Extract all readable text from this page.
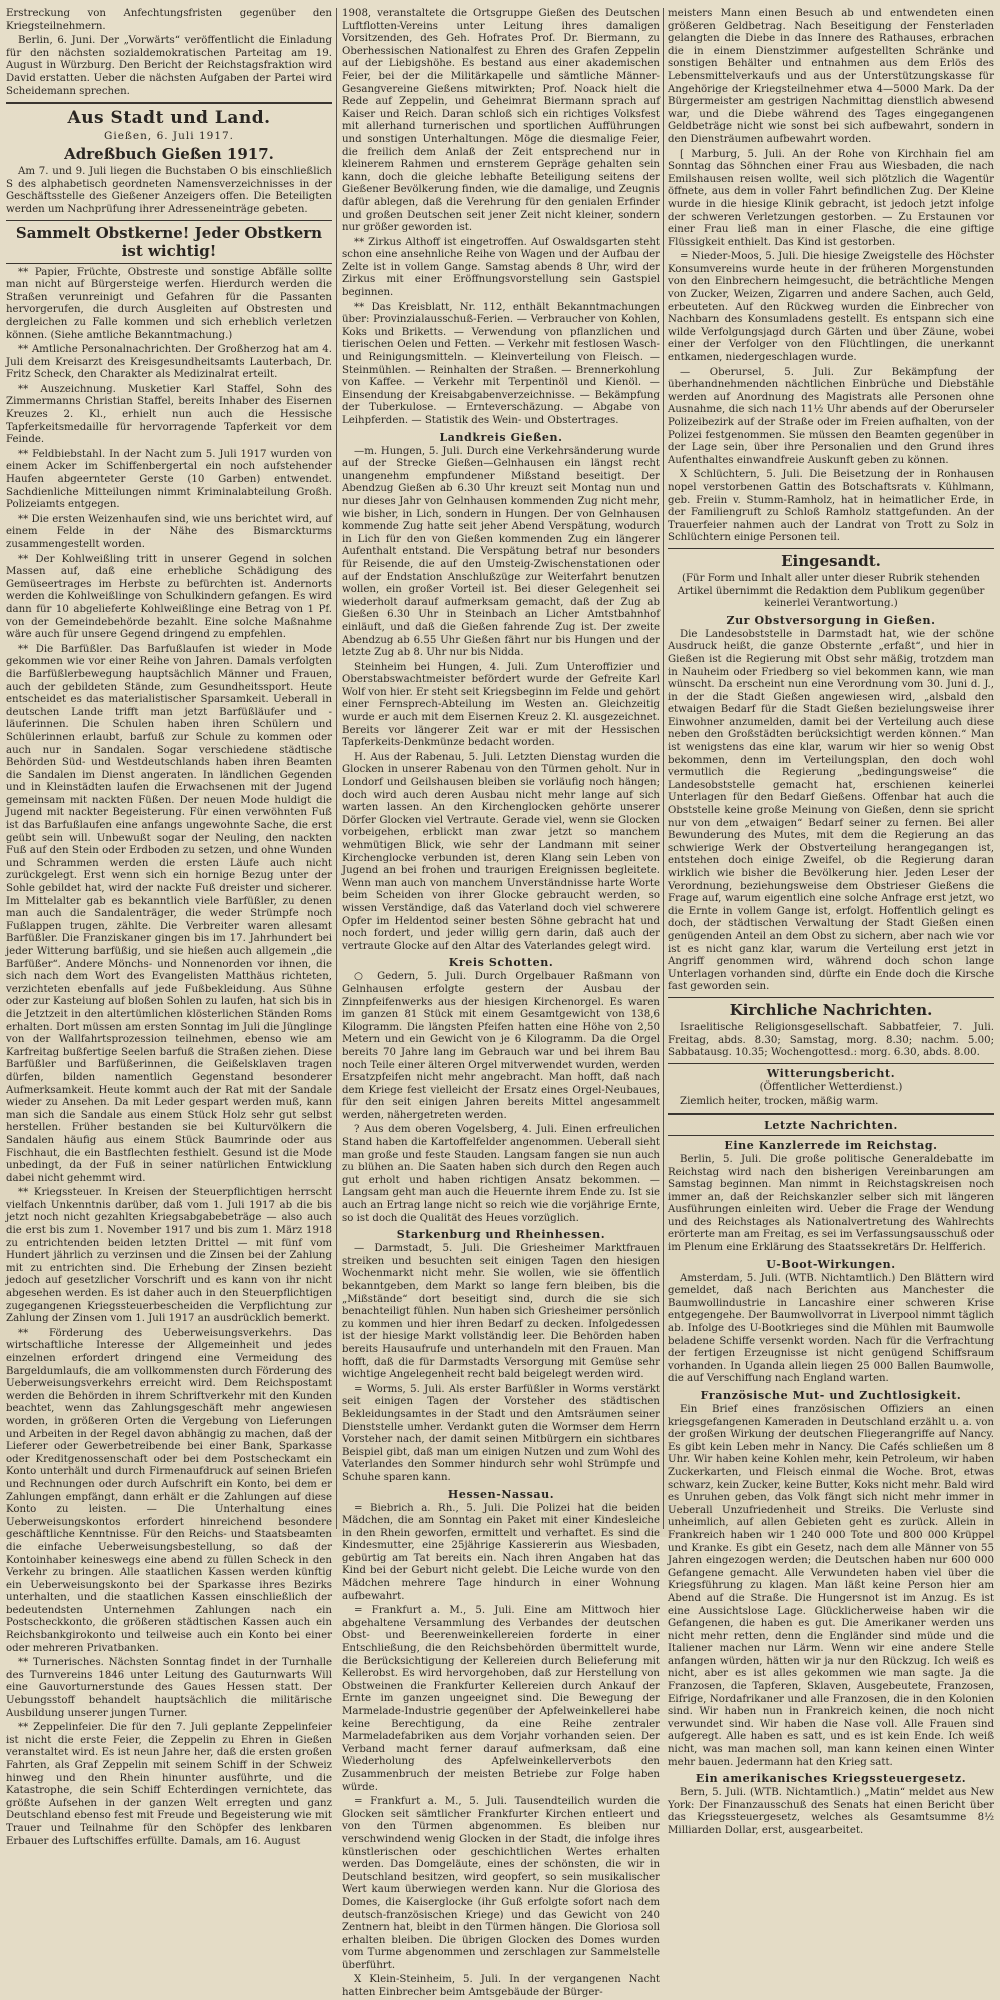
Erstreckung von Anfechtungsfristen gegenüber den Kriegsteilnehmern.

Berlin, 6. Juni. Der „Vorwärts“ veröffentlicht die Einladung für den nächsten sozialdemokratischen Parteitag am 19. August in Würzburg. Den Bericht der Reichstagsfraktion wird David erstatten. Ueber die nächsten Aufgaben der Partei wird Scheidemann sprechen.

Aus Stadt und Land.
Gießen, 6. Juli 1917.
Adreßbuch Gießen 1917.

Am 7. und 9. Juli liegen die Buchstaben O bis einschließlich S des alphabetisch geordneten Namensverzeichnisses in der Geschäftsstelle des Gießener Anzeigers offen. Die Beteiligten werden um Nachprüfung ihrer Adresseneinträge gebeten.

Sammelt Obstkerne! Jeder Obstkern ist wichtig!

** Papier, Früchte, Obstreste und sonstige Abfälle sollte man nicht auf Bürgersteige werfen. Hierdurch werden die Straßen verunreinigt und Gefahren für die Passanten hervorgerufen, die durch Ausgleiten auf Obstresten und dergleichen zu Falle kommen und sich erheblich verletzen können. (Siehe amtliche Bekanntmachung.)

** Amtliche Personalnachrichten. Der Großherzog hat am 4. Juli dem Kreisarzt des Kreisgesundheitsamts Lauterbach, Dr. Fritz Scheck, den Charakter als Medizinalrat erteilt.

** Auszeichnung. Musketier Karl Staffel, Sohn des Zimmermanns Christian Staffel, bereits Inhaber des Eisernen Kreuzes 2. Kl., erhielt nun auch die Hessische Tapferkeitsmedaille für hervorragende Tapferkeit vor dem Feinde.

** Feldbiebstahl. In der Nacht zum 5. Juli 1917 wurden von einem Acker im Schiffenbergertal ein noch aufstehender Haufen abgeernteter Gerste (10 Garben) entwendet. Sachdienliche Mitteilungen nimmt Kriminalabteilung Großh. Polizeiamts entgegen.

** Die ersten Weizenhaufen sind, wie uns berichtet wird, auf einem Felde in der Nähe des Bismarckturms zusammengestellt worden.

** Der Kohlweißling tritt in unserer Gegend in solchen Massen auf, daß eine erhebliche Schädigung des Gemüseertrages im Herbste zu befürchten ist. Andernorts werden die Kohlweißlinge von Schulkindern gefangen. Es wird dann für 10 abgelieferte Kohlweißlinge eine Betrag von 1 Pf. von der Gemeindebehörde bezahlt. Eine solche Maßnahme wäre auch für unsere Gegend dringend zu empfehlen.

** Die Barfüßler. Das Barfußlaufen ist wieder in Mode gekommen wie vor einer Reihe von Jahren. Damals verfolgten die Barfüßlerbewegung hauptsächlich Männer und Frauen, auch der gebildeten Stände, zum Gesundheitssport. Heute entscheidet es das materialistischer Sparsamkeit. Ueberall in deutschen Lande trifft man jetzt Barfüßläufer und -läuferinnen. Die Schulen haben ihren Schülern und Schülerinnen erlaubt, barfuß zur Schule zu kommen oder auch nur in Sandalen. Sogar verschiedene städtische Behörden Süd- und Westdeutschlands haben ihren Beamten die Sandalen im Dienst angeraten. In ländlichen Gegenden und in Kleinstädten laufen die Erwachsenen mit der Jugend gemeinsam mit nackten Füßen. Der neuen Mode huldigt die Jugend mit nackter Begeisterung. Für einen verwöhnten Fuß ist das Barfußlaufen eine anfangs ungewohnte Sache, die erst geübt sein will. Unbewußt sogar der Neuling, den nackten Fuß auf den Stein oder Erdboden zu setzen, und ohne Wunden und Schrammen werden die ersten Läufe auch nicht zurückgelegt. Erst wenn sich ein hornige Bezug unter der Sohle gebildet hat, wird der nackte Fuß dreister und sicherer. Im Mittelalter gab es bekanntlich viele Barfüßler, zu denen man auch die Sandalenträger, die weder Strümpfe noch Fußlappen trugen, zählte. Die Verbreiter waren allesamt Barfüßler. Die Franziskaner gingen bis im 17. Jahrhundert bei jeder Witterung barfüßig, und sie hießen auch allgemein „die Barfüßer“. Andere Mönchs- und Nonnenorden vor ihnen, die sich nach dem Wort des Evangelisten Matthäus richteten, verzichteten ebenfalls auf jede Fußbekleidung. Aus Sühne oder zur Kasteiung auf bloßen Sohlen zu laufen, hat sich bis in die Jetztzeit in den altertümlichen klösterlichen Ständen Roms erhalten. Dort müssen am ersten Sonntag im Juli die Jünglinge von der Wallfahrtsprozession teilnehmen, ebenso wie am Karfreitag bußfertige Seelen barfuß die Straßen ziehen. Diese Barfüßler und Barfüßerinnen, die Geißelsklaven tragen dürfen, bilden namentlich Gegenstand besonderer Aufmerksamkeit. Heute kommt auch der Rat mit der Sandale wieder zu Ansehen. Da mit Leder gespart werden muß, kann man sich die Sandale aus einem Stück Holz sehr gut selbst herstellen. Früher bestanden sie bei Kulturvölkern die Sandalen häufig aus einem Stück Baumrinde oder aus Fischhaut, die ein Bastflechten festhielt. Gesund ist die Mode unbedingt, da der Fuß in seiner natürlichen Entwicklung dabei nicht gehemmt wird.

** Kriegssteuer. In Kreisen der Steuerpflichtigen herrscht vielfach Unkenntnis darüber, daß vom 1. Juli 1917 ab die bis jetzt noch nicht gezahlten Kriegsabgabebeträge — also auch die erst bis zum 1. November 1917 und bis zum 1. März 1918 zu entrichtenden beiden letzten Drittel — mit fünf vom Hundert jährlich zu verzinsen und die Zinsen bei der Zahlung mit zu entrichten sind. Die Erhebung der Zinsen bezieht jedoch auf gesetzlicher Vorschrift und es kann von ihr nicht abgesehen werden. Es ist daher auch in den Steuerpflichtigen zugegangenen Kriegssteuerbescheiden die Verpflichtung zur Zahlung der Zinsen vom 1. Juli 1917 an ausdrücklich bemerkt.

** Förderung des Ueberweisungsverkehrs. Das wirtschaftliche Interesse der Allgemeinheit und jedes einzelnen erfordert dringend eine Vermeidung des Bargeldumlaufs, die am vollkommensten durch Förderung des Ueberweisungsverkehrs erreicht wird. Dem Reichspostamt werden die Behörden in ihrem Schriftverkehr mit den Kunden beachtet, wenn das Zahlungsgeschäft mehr angewiesen worden, in größeren Orten die Vergebung von Lieferungen und Arbeiten in der Regel davon abhängig zu machen, daß der Lieferer oder Gewerbetreibende bei einer Bank, Sparkasse oder Kreditgenossenschaft oder bei dem Postscheckamt ein Konto unterhält und durch Firmenaufdruck auf seinen Briefen und Rechnungen oder durch Aufschrift ein Konto, bei dem er Zahlungen empfängt, dann erhält er die Zahlungen auf diese Konto zu leisten. — Die Unterhaltung eines Ueberweisungskontos erfordert hinreichend besondere geschäftliche Kenntnisse. Für den Reichs- und Staatsbeamten die einfache Ueberweisungsbestellung, so daß der Kontoinhaber keineswegs eine abend zu füllen Scheck in den Verkehr zu bringen. Alle staatlichen Kassen werden künftig ein Ueberweisungskonto bei der Sparkasse ihres Bezirks unterhalten, und die staatlichen Kassen einschließlich der bedeutendsten Unternehmen Zahlungen nach ein Postscheckkonto, die größeren städtischen Kassen auch ein Reichsbankgirokonto und teilweise auch ein Konto bei einer oder mehreren Privatbanken.

** Turnerisches. Nächsten Sonntag findet in der Turnhalle des Turnvereins 1846 unter Leitung des Gauturnwarts Will eine Gauvorturnerstunde des Gaues Hessen statt. Der Uebungsstoff behandelt hauptsächlich die militärische Ausbildung unserer jungen Turner.

** Zeppelinfeier. Die für den 7. Juli geplante Zeppelinfeier ist nicht die erste Feier, die Zeppelin zu Ehren in Gießen veranstaltet wird. Es ist neun Jahre her, daß die ersten großen Fahrten, als Graf Zeppelin mit seinem Schiff in der Schweiz hinweg und den Rhein hinunter ausführte, und die Katastrophe, die sein Schiff Echterdingen vernichtete, das größte Aufsehen in der ganzen Welt erregten und ganz Deutschland ebenso fest mit Freude und Begeisterung wie mit Trauer und Teilnahme für den Schöpfer des lenkbaren Erbauer des Luftschiffes erfüllte. Damals, am 16. August

1908, veranstaltete die Ortsgruppe Gießen des Deutschen Luftflotten-Vereins unter Leitung ihres damaligen Vorsitzenden, des Geh. Hofrates Prof. Dr. Biermann, zu Oberhessischen Nationalfest zu Ehren des Grafen Zeppelin auf der Liebigshöhe. Es bestand aus einer akademischen Feier, bei der die Militärkapelle und sämtliche Männer-Gesangvereine Gießens mitwirkten; Prof. Noack hielt die Rede auf Zeppelin, und Geheimrat Biermann sprach auf Kaiser und Reich. Daran schloß sich ein richtiges Volksfest mit allerhand turnerischen und sportlichen Aufführungen und sonstigen Unterhaltungen. Möge die diesmalige Feier, die freilich dem Anlaß der Zeit entsprechend nur in kleinerem Rahmen und ernsterem Gepräge gehalten sein kann, doch die gleiche lebhafte Beteiligung seitens der Gießener Bevölkerung finden, wie die damalige, und Zeugnis dafür ablegen, daß die Verehrung für den genialen Erfinder und großen Deutschen seit jener Zeit nicht kleiner, sondern nur größer geworden ist.

** Zirkus Althoff ist eingetroffen. Auf Oswaldsgarten steht schon eine ansehnliche Reihe von Wagen und der Aufbau der Zelte ist in vollem Gange. Samstag abends 8 Uhr, wird der Zirkus mit einer Eröffnungsvorstellung sein Gastspiel beginnen.

** Das Kreisblatt, Nr. 112, enthält Bekanntmachungen über: Provinzialausschuß-Ferien. — Verbraucher von Kohlen, Koks und Briketts. — Verwendung von pflanzlichen und tierischen Oelen und Fetten. — Verkehr mit festlosen Wasch- und Reinigungsmitteln. — Kleinverteilung von Fleisch. — Steinmühlen. — Reinhalten der Straßen. — Brennerkohlung von Kaffee. — Verkehr mit Terpentinöl und Kienöl. — Einsendung der Kreisabgabenverzeichnisse. — Bekämpfung der Tuberkulose. — Ernteverschäzung. — Abgabe von Leihpferden. — Statistik des Wein- und Obstertrages.

Landkreis Gießen.

—m. Hungen, 5. Juli. Durch eine Verkehrsänderung wurde auf der Strecke Gießen—Gelnhausen ein längst recht unangenehm empfundener Mißstand beseitigt. Der Abendzug Gießen ab 6.30 Uhr kreuzt seit Montag nun und nur dieses Jahr von Gelnhausen kommenden Zug nicht mehr, wie bisher, in Lich, sondern in Hungen. Der von Gelnhausen kommende Zug hatte seit jeher Abend Verspätung, wodurch in Lich für den von Gießen kommenden Zug ein längerer Aufenthalt entstand. Die Verspätung betraf nur besonders für Reisende, die auf den Umsteig-Zwischenstationen oder auf der Endstation Anschlußzüge zur Weiterfahrt benutzen wollen, ein großer Vorteil ist. Bei dieser Gelegenheit sei wiederholt darauf aufmerksam gemacht, daß der Zug ab Gießen 6.30 Uhr in Steinbach an Licher Amtstbahnhof einläuft, und daß die Gießen fahrende Zug ist. Der zweite Abendzug ab 6.55 Uhr Gießen fährt nur bis Hungen und der letzte Zug ab 8. Uhr nur bis Nidda.

Steinheim bei Hungen, 4. Juli. Zum Unteroffizier und Oberstabswachtmeister befördert wurde der Gefreite Karl Wolf von hier. Er steht seit Kriegsbeginn im Felde und gehört einer Fernsprech-Abteilung im Westen an. Gleichzeitig wurde er auch mit dem Eisernen Kreuz 2. Kl. ausgezeichnet. Bereits vor längerer Zeit war er mit der Hessischen Tapferkeits-Denkmünze bedacht worden.

H. Aus der Rabenau, 5. Juli. Letzten Dienstag wurden die Glocken in unserer Rabenau von den Türmen geholt. Nur in Londorf und Geilshausen bleiben sie vorläufig noch hängen; doch wird auch deren Ausbau nicht mehr lange auf sich warten lassen. An den Kirchenglocken gehörte unserer Dörfer Glocken viel Vertraute. Gerade viel, wenn sie Glocken vorbeigehen, erblickt man zwar jetzt so manchem wehmütigen Blick, wie sehr der Landmann mit seiner Kirchenglocke verbunden ist, deren Klang sein Leben von Jugend an bei frohen und traurigen Ereignissen begleitete. Wenn man auch von manchem Unverständnisse harte Worte beim Scheiden von ihrer Glocke gebraucht werden, so wissen Verständige, daß das Vaterland doch viel schwerere Opfer im Heldentod seiner besten Söhne gebracht hat und noch fordert, und jeder willig gern darin, daß auch der vertraute Glocke auf den Altar des Vaterlandes gelegt wird.

Kreis Schotten.

○ Gedern, 5. Juli. Durch Orgelbauer Raßmann von Gelnhausen erfolgte gestern der Ausbau der Zinnpfeifenwerks aus der hiesigen Kirchenorgel. Es waren im ganzen 81 Stück mit einem Gesamtgewicht von 138,6 Kilogramm. Die längsten Pfeifen hatten eine Höhe von 2,50 Metern und ein Gewicht von je 6 Kilogramm. Da die Orgel bereits 70 Jahre lang im Gebrauch war und bei ihrem Bau noch Teile einer älteren Orgel mitverwendet wurden, werden Ersatzpfeifen nicht mehr angebracht. Man hofft, daß nach dem Kriege fest vielleicht der Ersatz eines Orgel-Neubaues, für den seit einigen Jahren bereits Mittel angesammelt werden, nähergetreten werden.

? Aus dem oberen Vogelsberg, 4. Juli. Einen erfreulichen Stand haben die Kartoffelfelder angenommen. Ueberall sieht man große und feste Stauden. Langsam fangen sie nun auch zu blühen an. Die Saaten haben sich durch den Regen auch gut erholt und haben richtigen Ansatz bekommen. — Langsam geht man auch die Heuernte ihrem Ende zu. Ist sie auch an Ertrag lange nicht so reich wie die vorjährige Ernte, so ist doch die Qualität des Heues vorzüglich.

Starkenburg und Rheinhessen.

— Darmstadt, 5. Juli. Die Griesheimer Marktfrauen streiken und besuchten seit einigen Tagen den hiesigen Wochenmarkt nicht mehr. Sie wollen, wie sie öffentlich bekanntgeben, dem Markt so lange fern bleiben, bis die „Mißstände“ dort beseitigt sind, durch die sie sich benachteiligt fühlen. Nun haben sich Griesheimer persönlich zu kommen und hier ihren Bedarf zu decken. Infolgedessen ist der hiesige Markt vollständig leer. Die Behörden haben bereits Hausaufrufe und unterhandeln mit den Frauen. Man hofft, daß die für Darmstadts Versorgung mit Gemüse sehr wichtige Angelegenheit recht bald beigelegt werden wird.

= Worms, 5. Juli. Als erster Barfüßler in Worms verstärkt seit einigen Tagen der Vorsteher des städtischen Bekleidungsamtes in der Stadt und den Amtsräumen seiner Dienststelle umher. Verdankt guten die Wormser dem Herrn Vorsteher nach, der damit seinen Mitbürgern ein sichtbares Beispiel gibt, daß man um einigen Nutzen und zum Wohl des Vaterlandes den Sommer hindurch sehr wohl Strümpfe und Schuhe sparen kann.

Hessen-Nassau.

= Biebrich a. Rh., 5. Juli. Die Polizei hat die beiden Mädchen, die am Sonntag ein Paket mit einer Kindesleiche in den Rhein geworfen, ermittelt und verhaftet. Es sind die Kindesmutter, eine 25jährige Kassiererin aus Wiesbaden, gebürtig am Tat bereits ein. Nach ihren Angaben hat das Kind bei der Geburt nicht gelebt. Die Leiche wurde von den Mädchen mehrere Tage hindurch in einer Wohnung aufbewahrt.

= Frankfurt a. M., 5. Juli. Eine am Mittwoch hier abgehaltene Versammlung des Verbandes der deutschen Obst- und Beerenweinkellereien forderte in einer Entschließung, die den Reichsbehörden übermittelt wurde, die Berücksichtigung der Kellereien durch Belieferung mit Kellerobst. Es wird hervorgehoben, daß zur Herstellung von Obstweinen die Frankfurter Kellereien durch Ankauf der Ernte im ganzen ungeeignet sind. Die Bewegung der Marmelade-Industrie gegenüber der Apfelweinkellerei habe keine Berechtigung, da eine Reihe zentraler Marmeladefabriken aus dem Vorjahr vorhanden seien. Der Verband macht ferner darauf aufmerksam, daß eine Wiederholung des Apfelweinkellerverbots den Zusammenbruch der meisten Betriebe zur Folge haben würde.

= Frankfurt a. M., 5. Juli. Tausendteilich wurden die Glocken seit sämtlicher Frankfurter Kirchen entleert und von den Türmen abgenommen. Es bleiben nur verschwindend wenig Glocken in der Stadt, die infolge ihres künstlerischen oder geschichtlichen Wertes erhalten werden. Das Domgeläute, eines der schönsten, die wir in Deutschland besitzen, wird geopfert, so sein musikalischer Wert kaum überwiegen werden kann. Nur die Gloriosa des Domes, die Kaiserglocke (ihr Guß erfolgte sofort nach dem deutsch-französischen Kriege) und das Gewicht von 240 Zentnern hat, bleibt in den Türmen hängen. Die Gloriosa soll erhalten bleiben. Die übrigen Glocken des Domes wurden vom Turme abgenommen und zerschlagen zur Sammelstelle überführt.

X Klein-Steinheim, 5. Juli. In der vergangenen Nacht hatten Einbrecher beim Amtsgebäude der Bürger-

meisters Mann einen Besuch ab und entwendeten einen größeren Geldbetrag. Nach Beseitigung der Fensterladen gelangten die Diebe in das Innere des Rathauses, erbrachen die in einem Dienstzimmer aufgestellten Schränke und sonstigen Behälter und entnahmen aus dem Erlös des Lebensmittelverkaufs und aus der Unterstützungskasse für Angehörige der Kriegsteilnehmer etwa 4—5000 Mark. Da der Bürgermeister am gestrigen Nachmittag dienstlich abwesend war, und die Diebe während des Tages eingegangenen Geldbeträge nicht wie sonst bei sich aufbewahrt, sondern in den Diensträumen aufbewahrt worden.

[ Marburg, 5. Juli. An der Rohe von Kirchhain fiel am Sonntag das Söhnchen einer Frau aus Wiesbaden, die nach Emilshausen reisen wollte, weil sich plötzlich die Wagentür öffnete, aus dem in voller Fahrt befindlichen Zug. Der Kleine wurde in die hiesige Klinik gebracht, ist jedoch jetzt infolge der schweren Verletzungen gestorben. — Zu Erstaunen vor einer Frau ließ man in einer Flasche, die eine giftige Flüssigkeit enthielt. Das Kind ist gestorben.

= Nieder-Moos, 5. Juli. Die hiesige Zweigstelle des Höchster Konsumvereins wurde heute in der früheren Morgenstunden von den Einbrechern heimgesucht, die beträchtliche Mengen von Zucker, Weizen, Zigarren und andere Sachen, auch Geld, erbeuteten. Auf den Rückweg wurden die Einbrecher von Nachbarn des Konsumladens gestellt. Es entspann sich eine wilde Verfolgungsjagd durch Gärten und über Zäune, wobei einer der Verfolger von den Flüchtlingen, die unerkannt entkamen, niedergeschlagen wurde.

— Oberursel, 5. Juli. Zur Bekämpfung der überhandnehmenden nächtlichen Einbrüche und Diebstähle werden auf Anordnung des Magistrats alle Personen ohne Ausnahme, die sich nach 11½ Uhr abends auf der Oberurseler Polizeibezirk auf der Straße oder im Freien aufhalten, von der Polizei festgenommen. Sie müssen den Beamten gegenüber in der Lage sein, über ihre Personalien und den Grund ihres Aufenthaltes einwandfreie Auskunft geben zu können.

X Schlüchtern, 5. Juli. Die Beisetzung der in Ronhausen nopel verstorbenen Gattin des Botschaftsrats v. Kühlmann, geb. Freiin v. Stumm-Ramholz, hat in heimatlicher Erde, in der Familiengruft zu Schloß Ramholz stattgefunden. An der Trauerfeier nahmen auch der Landrat von Trott zu Solz in Schlüchtern einige Personen teil.

Eingesandt.

(Für Form und Inhalt aller unter dieser Rubrik stehenden Artikel übernimmt die Redaktion dem Publikum gegenüber keinerlei Verantwortung.)

Zur Obstversorgung in Gießen.

Die Landesobststelle in Darmstadt hat, wie der schöne Ausdruck heißt, die ganze Obsternte „erfaßt“, und hier in Gießen ist die Regierung mit Obst sehr mäßig, trotzdem man in Nauheim oder Friedberg so viel bekommen kann, wie man wünscht. Da erscheint nun eine Verordnung vom 30. Juni d. J., in der die Stadt Gießen angewiesen wird, „alsbald den etwaigen Bedarf für die Stadt Gießen bezielungsweise ihrer Einwohner anzumelden, damit bei der Verteilung auch diese neben den Großstädten berücksichtigt werden können.“ Man ist wenigstens das eine klar, warum wir hier so wenig Obst bekommen, denn im Verteilungsplan, den doch wohl vermutlich die Regierung „bedingungsweise“ die Landesobststelle gemacht hat, erschienen keinerlei Unterlagen für den Bedarf Gießens. Offenbar hat auch die Obststelle keine große Meinung von Gießen, denn sie spricht nur von dem „etwaigen“ Bedarf seiner zu fernen. Bei aller Bewunderung des Mutes, mit dem die Regierung an das schwierige Werk der Obstverteilung herangegangen ist, entstehen doch einige Zweifel, ob die Regierung daran wirklich wie bisher die Bevölkerung hier. Jeden Leser der Verordnung, beziehungsweise dem Obstrieser Gießens die Frage auf, warum eigentlich eine solche Anfrage erst jetzt, wo die Ernte in vollem Gange ist, erfolgt. Hoffentlich gelingt es doch, der städtischen Verwaltung der Stadt Gießen einen genügenden Anteil an dem Obst zu sichern, aber nach wie vor ist es nicht ganz klar, warum die Verteilung erst jetzt in Angriff genommen wird, während doch schon lange Unterlagen vorhanden sind, dürfte ein Ende doch die Kirsche fast geworden sein.

Kirchliche Nachrichten.

Israelitische Religionsgesellschaft. Sabbatfeier, 7. Juli. Freitag, abds. 8.30; Samstag, morg. 8.30; nachm. 5.00; Sabbatausg. 10.35; Wochengottesd.: morg. 6.30, abds. 8.00.

Witterungsbericht.

(Öffentlicher Wetterdienst.)

Ziemlich heiter, trocken, mäßig warm.

Letzte Nachrichten.
Eine Kanzlerrede im Reichstag.

Berlin, 5. Juli. Die große politische Generaldebatte im Reichstag wird nach den bisherigen Vereinbarungen am Samstag beginnen. Man nimmt in Reichstagskreisen noch immer an, daß der Reichskanzler selber sich mit längeren Ausführungen einleiten wird. Ueber die Frage der Wendung und des Reichstages als Nationalvertretung des Wahlrechts erörterte man am Freitag, es sei im Verfassungsausschuß oder im Plenum eine Erklärung des Staatssekretärs Dr. Helfferich.

U-Boot-Wirkungen.

Amsterdam, 5. Juli. (WTB. Nichtamtlich.) Den Blättern wird gemeldet, daß nach Berichten aus Manchester die Baumwollindustrie in Lancashire einer schweren Krise entgegengehe. Der Baumwollvorrat in Liverpool nimmt täglich ab. Infolge des U-Bootkrieges sind die Mühlen mit Baumwolle beladene Schiffe versenkt worden. Nach für die Verfrachtung der fertigen Erzeugnisse ist nicht genügend Schiffsraum vorhanden. In Uganda allein liegen 25 000 Ballen Baumwolle, die auf Verschiffung nach England warten.

Französische Mut- und Zuchtlosigkeit.

Ein Brief eines französischen Offiziers an einen kriegsgefangenen Kameraden in Deutschland erzählt u. a. von der großen Wirkung der deutschen Fliegerangriffe auf Nancy. Es gibt kein Leben mehr in Nancy. Die Cafés schließen um 8 Uhr. Wir haben keine Kohlen mehr, kein Petroleum, wir haben Zuckerkarten, und Fleisch einmal die Woche. Brot, etwas schwarz, kein Zucker, keine Butter, Koks nicht mehr. Bald wird es Unruhen geben, das Volk fängt sich nicht mehr immer in Ueberall Unzufriedenheit und Streiks. Die Verluste sind unheimlich, auf allen Gebieten geht es zurück. Allein in Frankreich haben wir 1 240 000 Tote und 800 000 Krüppel und Kranke. Es gibt ein Gesetz, nach dem alle Männer von 55 Jahren eingezogen werden; die Deutschen haben nur 600 000 Gefangene gemacht. Alle Verwundeten haben viel über die Kriegsführung zu klagen. Man läßt keine Person hier am Abend auf die Straße. Die Hungersnot ist im Anzug. Es ist eine Aussichtslose Lage. Glücklicherweise haben wir die Gefangenen, die haben es gut. Die Amerikaner werden uns nicht mehr retten, denn die Engländer sind müde und die Italiener machen nur Lärm. Wenn wir eine andere Stelle anfangen würden, hätten wir ja nur den Rückzug. Ich weiß es nicht, aber es ist alles gekommen wie man sagte. Ja die Franzosen, die Tapferen, Sklaven, Ausgebeutete, Franzosen, Eifrige, Nordafrikaner und alle Franzosen, die in den Kolonien sind. Wir haben nun in Frankreich keinen, die noch nicht verwundet sind. Wir haben die Nase voll. Alle Frauen sind aufgeregt. Alle haben es satt, und es ist kein Ende. Ich weiß nicht, was man machen soll, man kann keinen einen Winter mehr bauen. Jedermann hat den Krieg satt.

Ein amerikanisches Kriegssteuergesetz.

Bern, 5. Juli. (WTB. Nichtamtlich.) „Matin“ meldet aus New York: Der Finanzausschuß des Senats hat einen Bericht über das Kriegssteuergesetz, welches als Gesamtsumme 8½ Milliarden Dollar, erst, ausgearbeitet.
